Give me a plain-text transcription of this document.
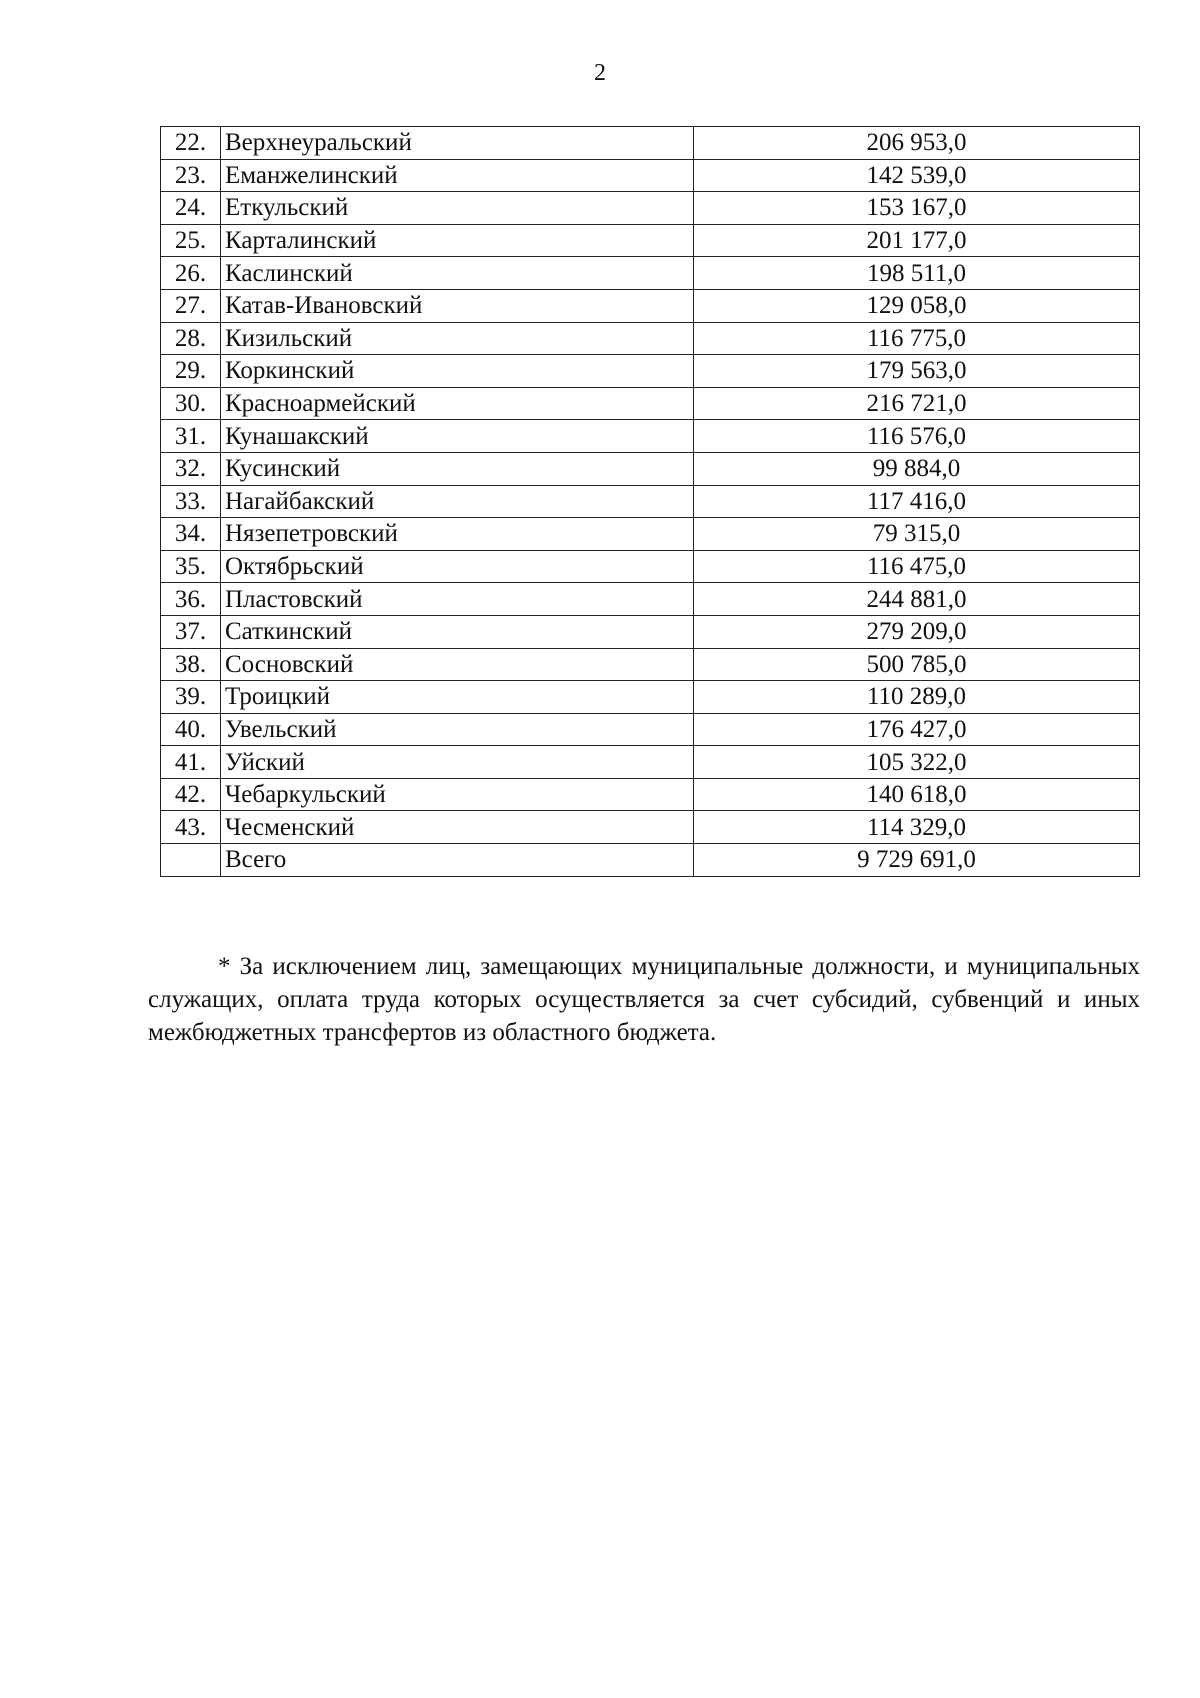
2
22.	Верхнеуральский	206 953,0
23.	Еманжелинский	142 539,0
24.	Еткульский	153 167,0
25.	Карталинский	201 177,0
26.	Каслинский	198 511,0
27.	Катав-Ивановский	129 058,0
28.	Кизильский	116 775,0
29.	Коркинский	179 563,0
30.	Красноармейский	216 721,0
31.	Кунашакский	116 576,0
32.	Кусинский	99 884,0
33.	Нагайбакский	117 416,0
34.	Нязепетровский	79 315,0
35.	Октябрьский	116 475,0
36.	Пластовский	244 881,0
37.	Саткинский	279 209,0
38.	Сосновский	500 785,0
39.	Троицкий	110 289,0
40.	Увельский	176 427,0
41.	Уйский	105 322,0
42.	Чебаркульский	140 618,0
43.	Чесменский	114 329,0
	Всего	9 729 691,0

* За исключением лиц, замещающих муниципальные должности, и муниципальных служащих, оплата труда которых осуществляется за счет субсидий, субвенций и иных межбюджетных трансфертов из областного бюджета.
